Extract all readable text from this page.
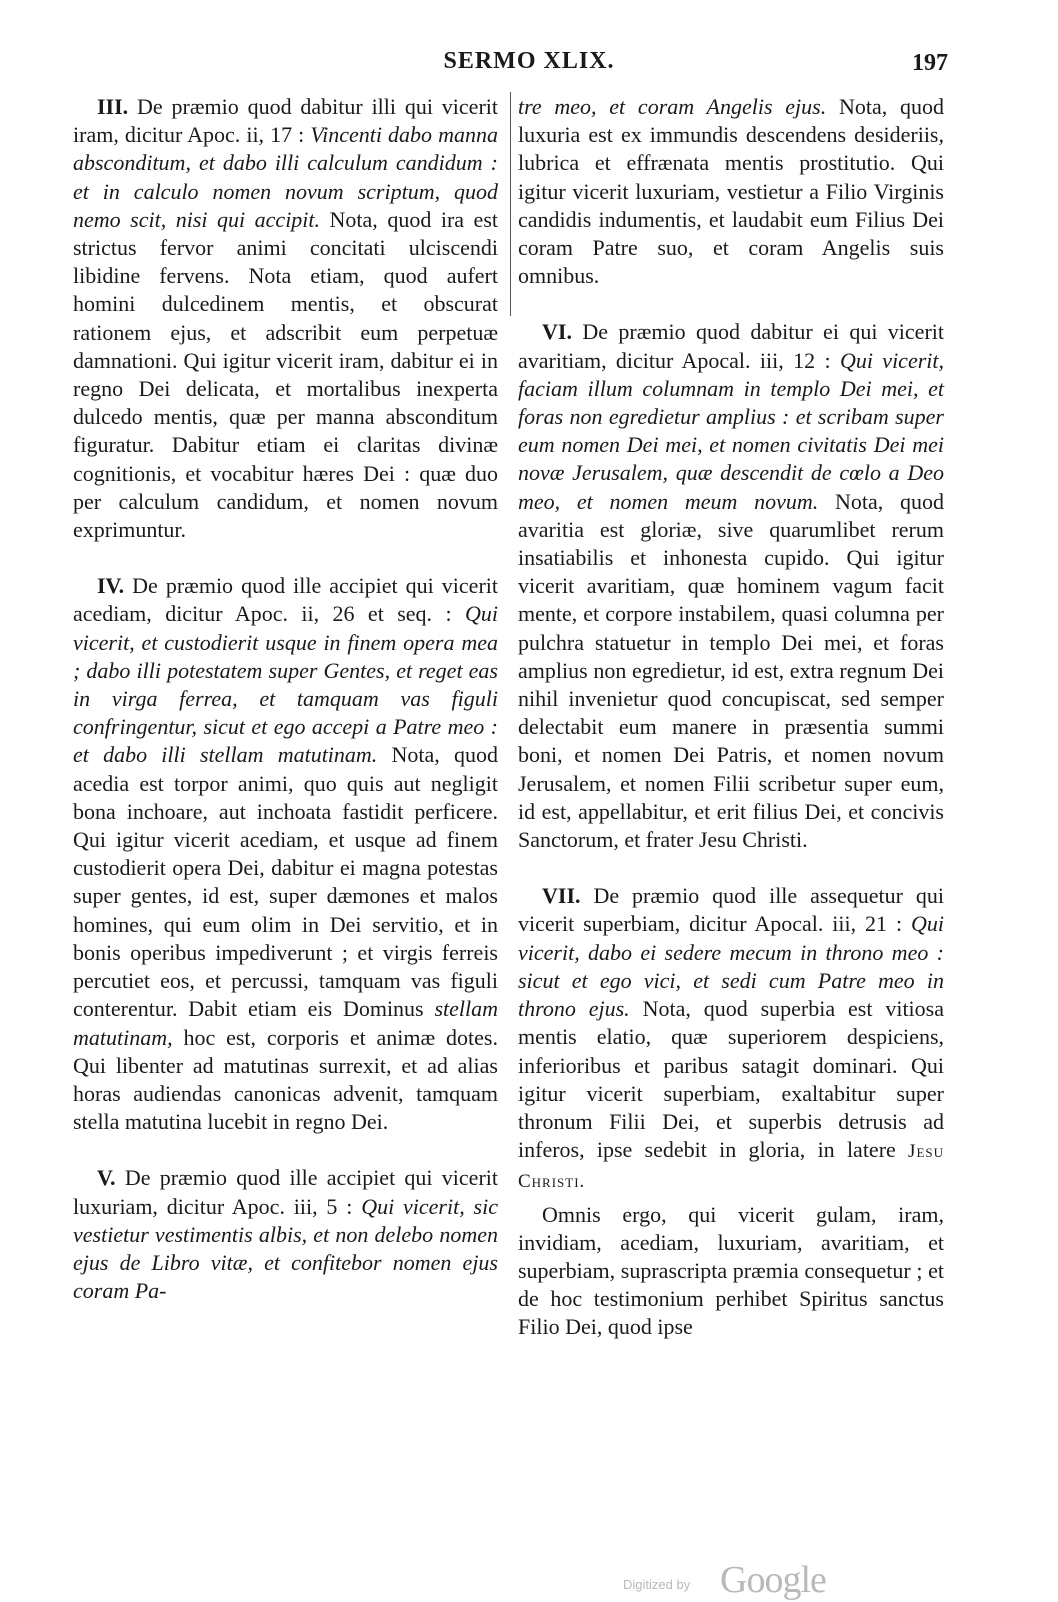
SERMO XLIX.	197

III. De præmio quod dabitur illi qui vicerit iram, dicitur Apoc. ii, 17 : Vincenti dabo manna absconditum, et dabo illi calculum candidum : et in calculo nomen novum scriptum, quod nemo scit, nisi qui accipit. Nota, quod ira est strictus fervor animi concitati ulciscendi libidine fervens. Nota etiam, quod aufert homini dulcedinem mentis, et obscurat rationem ejus, et adscribit eum perpetuæ damnationi. Qui igitur vicerit iram, dabitur ei in regno Dei delicata, et mortalibus inexperta dulcedo mentis, quæ per manna absconditum figuratur. Dabitur etiam ei claritas divinæ cognitionis, et vocabitur hæres Dei : quæ duo per calculum candidum, et nomen novum exprimuntur.

IV. De præmio quod ille accipiet qui vicerit acediam, dicitur Apoc. ii, 26 et seq. : Qui vicerit, et custodierit usque in finem opera mea ; dabo illi potestatem super Gentes, et reget eas in virga ferrea, et tamquam vas figuli confringentur, sicut et ego accepi a Patre meo : et dabo illi stellam matutinam. Nota, quod acedia est torpor animi, quo quis aut negligit bona inchoare, aut inchoata fastidit perficere. Qui igitur vicerit acediam, et usque ad finem custodierit opera Dei, dabitur ei magna potestas super gentes, id est, super dæmones et malos homines, qui eum olim in Dei servitio, et in bonis operibus impediverunt ; et virgis ferreis percutiet eos, et percussi, tamquam vas figuli conterentur. Dabit etiam eis Dominus stellam matutinam, hoc est, corporis et animæ dotes. Qui libenter ad matutinas surrexit, et ad alias horas audiendas canonicas advenit, tamquam stella matutina lucebit in regno Dei.

V. De præmio quod ille accipiet qui vicerit luxuriam, dicitur Apoc. iii, 5 : Qui vicerit, sic vestietur vestimentis albis, et non delebo nomen ejus de Libro vitæ, et confitebor nomen ejus coram Pa-

tre meo, et coram Angelis ejus. Nota, quod luxuria est ex immundis descendens desideriis, lubrica et effrænata mentis prostitutio. Qui igitur vicerit luxuriam, vestietur a Filio Virginis candidis indumentis, et laudabit eum Filius Dei coram Patre suo, et coram Angelis suis omnibus.

VI. De præmio quod dabitur ei qui vicerit avaritiam, dicitur Apocal. iii, 12 : Qui vicerit, faciam illum columnam in templo Dei mei, et foras non egredietur amplius : et scribam super eum nomen Dei mei, et nomen civitatis Dei mei novæ Jerusalem, quæ descendit de cœlo a Deo meo, et nomen meum novum. Nota, quod avaritia est gloriæ, sive quarumlibet rerum insatiabilis et inhonesta cupido. Qui igitur vicerit avaritiam, quæ hominem vagum facit mente, et corpore instabilem, quasi columna per pulchra statuetur in templo Dei mei, et foras amplius non egredietur, id est, extra regnum Dei nihil invenietur quod concupiscat, sed semper delectabit eum manere in præsentia summi boni, et nomen Dei Patris, et nomen novum Jerusalem, et nomen Filii scribetur super eum, id est, appellabitur, et erit filius Dei, et concivis Sanctorum, et frater Jesu Christi.

VII. De præmio quod ille assequetur qui vicerit superbiam, dicitur Apocal. iii, 21 : Qui vicerit, dabo ei sedere mecum in throno meo : sicut et ego vici, et sedi cum Patre meo in throno ejus. Nota, quod superbia est vitiosa mentis elatio, quæ superiorem despiciens, inferioribus et paribus satagit dominari. Qui igitur vicerit superbiam, exaltabitur super thronum Filii Dei, et superbis detrusis ad inferos, ipse sedebit in gloria, in latere Jesu Christi.

Omnis ergo, qui vicerit gulam, iram, invidiam, acediam, luxuriam, avaritiam, et superbiam, suprascripta præmia consequetur ; et de hoc testimonium perhibet Spiritus sanctus Filio Dei, quod ipse

Digitized by Google
